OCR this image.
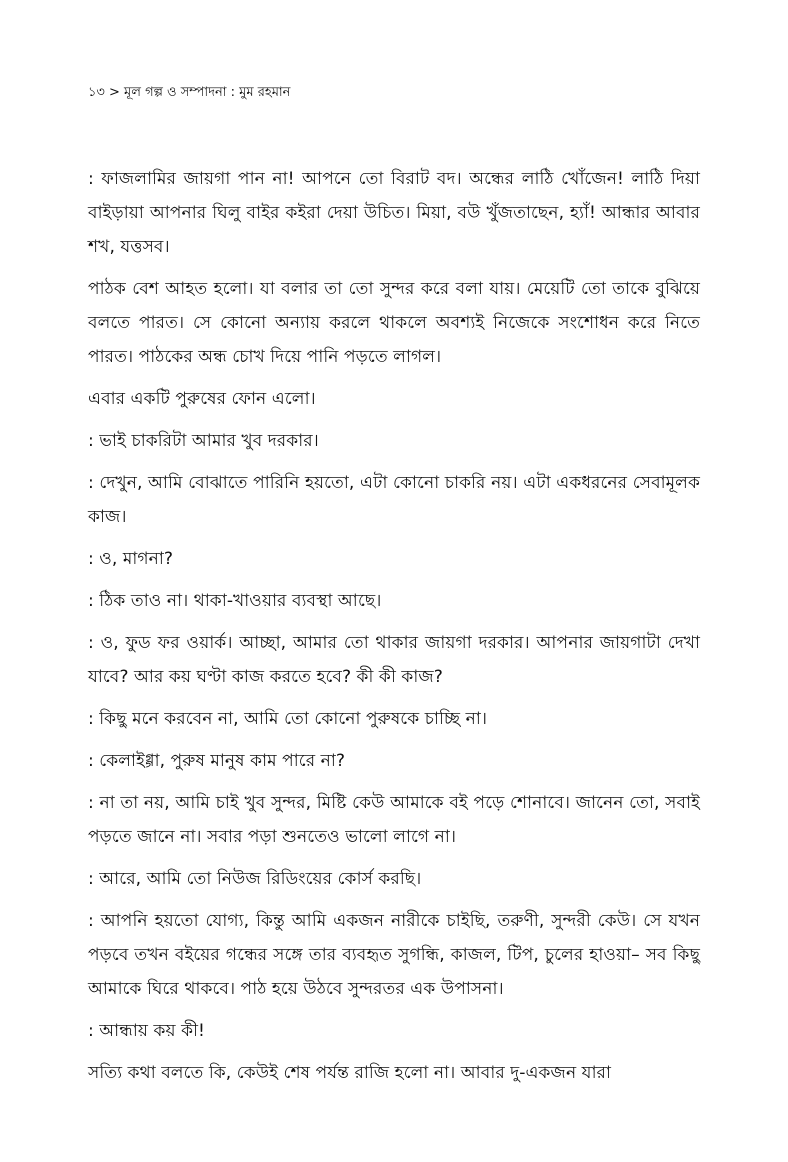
১৩ > মূল গল্প ও সম্পাদনা : মুম রহমান

: ফাজলামির জায়গা পান না! আপনে তো বিরাট বদ। অন্ধের লাঠি খোঁজেন! লাঠি দিয়া বাইড়ায়া আপনার ঘিলু বাইর কইরা দেয়া উচিত। মিয়া, বউ খুঁজতাছেন, হ্যাঁ! আন্ধার আবার শখ, যত্তসব।

পাঠক বেশ আহত হলো। যা বলার তা তো সুন্দর করে বলা যায়। মেয়েটি তো তাকে বুঝিয়ে বলতে পারত। সে কোনো অন্যায় করলে থাকলে অবশ্যই নিজেকে সংশোধন করে নিতে পারত। পাঠকের অন্ধ চোখ দিয়ে পানি পড়তে লাগল।

এবার একটি পুরুষের ফোন এলো।

: ভাই চাকরিটা আমার খুব দরকার।

: দেখুন, আমি বোঝাতে পারিনি হয়তো, এটা কোনো চাকরি নয়। এটা একধরনের সেবামূলক কাজ।

: ও, মাগনা?

: ঠিক তাও না। থাকা-খাওয়ার ব্যবস্থা আছে।

: ও, ফুড ফর ওয়ার্ক। আচ্ছা, আমার তো থাকার জায়গা দরকার। আপনার জায়গাটা দেখা যাবে? আর কয় ঘণ্টা কাজ করতে হবে? কী কী কাজ?

: কিছু মনে করবেন না, আমি তো কোনো পুরুষকে চাচ্ছি না।

: কেলাইগ্গা, পুরুষ মানুষ কাম পারে না?

: না তা নয়, আমি চাই খুব সুন্দর, মিষ্টি কেউ আমাকে বই পড়ে শোনাবে। জানেন তো, সবাই পড়তে জানে না। সবার পড়া শুনতেও ভালো লাগে না।

: আরে, আমি তো নিউজ রিডিংয়ের কোর্স করছি।

: আপনি হয়তো যোগ্য, কিন্তু আমি একজন নারীকে চাইছি, তরুণী, সুন্দরী কেউ। সে যখন পড়বে তখন বইয়ের গন্ধের সঙ্গে তার ব্যবহৃত সুগন্ধি, কাজল, টিপ, চুলের হাওয়া– সব কিছু আমাকে ঘিরে থাকবে। পাঠ হয়ে উঠবে সুন্দরতর এক উপাসনা।

: আন্ধায় কয় কী!

সত্যি কথা বলতে কি, কেউই শেষ পর্যন্ত রাজি হলো না। আবার দু-একজন যারা
